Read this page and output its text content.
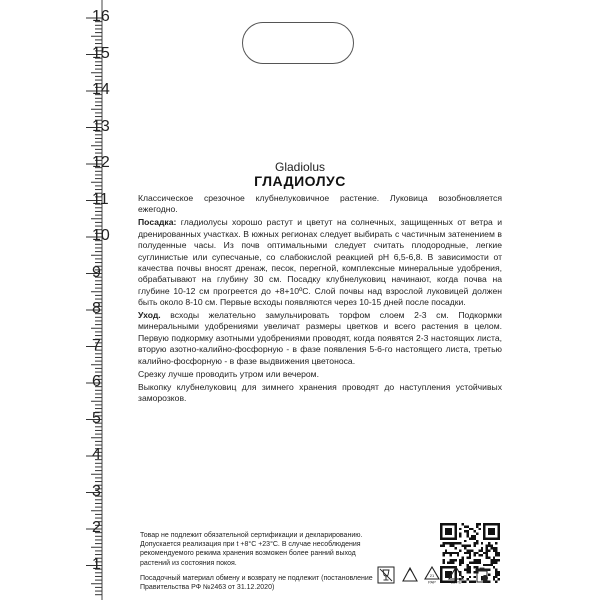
16
15
14
13
12
11
10
9
8
7
6
5
4
3
2
1
Gladiolus
ГЛАДИОЛУС

Классическое срезочное клубнелуковичное растение. Луковица возобновляется ежегодно.

Посадка: гладиолусы хорошо растут и цветут на солнечных, защищенных от ветра и дренированных участках. В южных регионах следует выбирать с частичным затенением в полуденные часы. Из почв оптимальными следует считать плодородные, легкие суглинистые или супесчаные, со слабокислой реакцией pH 6,5-6,8. В зависимости от качества почвы вносят дренаж, песок, перегной, комплексные минеральные удобрения, обрабатывают на глубину 30 см. Посадку клубнелуковиц начинают, когда почва на глубине 10-12 см прогреется до +8+10ºС. Слой почвы над взрослой луковицей должен быть около 8-10 см. Первые всходы появляются через 10-15 дней после посадки.

Уход. всходы желательно замульчировать торфом слоем 2-3 см. Подкормки минеральными удобрениями увеличат размеры цветков и всего растения в целом. Первую подкормку азотными удобрениями проводят, когда появятся 2-3 настоящих листа, вторую азотно-калийно-фосфорную - в фазе появления 5-6-го настоящего листа, третью калийно-фосфорную - в фазе выдвижения цветоноса.

Срезку лучше проводить утром или вечером.

Выкопку клубнелуковиц для зимнего хранения проводят до наступления устойчивых заморозков.

Товар не подлежит обязательной сертификации и декларированию.

Допускается реализация при t +8°С +23°С. В случае несоблюдения рекомендуемого режима хранения возможен более ранний выход растений из состояния покоя.

Посадочный материал обмену и возврату не подлежит (постановление Правительства РФ №2463 от 31.12.2020)

21
PAP
4
LDPE
